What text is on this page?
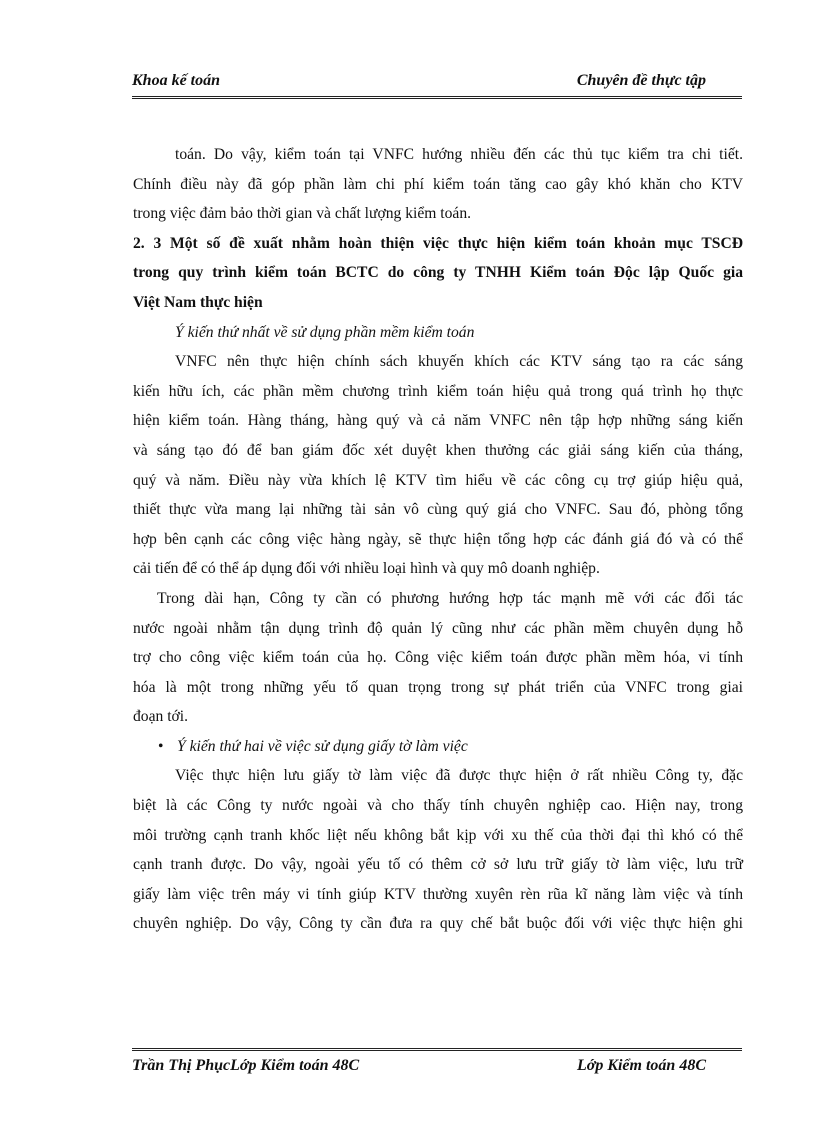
Khoa kế toán	Chuyên đề thực tập
toán. Do vậy, kiểm toán tại VNFC hướng nhiều đến các thủ tục kiểm tra chi tiết.
Chính điều này đã góp phần làm chi phí kiểm toán tăng cao gây khó khăn cho KTV
trong việc đảm bảo thời gian và chất lượng kiểm toán.
2. 3 Một số đề xuất nhằm hoàn thiện việc thực hiện kiểm toán khoản mục TSCĐ
trong quy trình kiểm toán BCTC do công ty TNHH Kiểm toán Độc lập Quốc gia
Việt Nam thực hiện
Ý kiến thứ nhất về sử dụng phần mềm kiểm toán
VNFC nên thực hiện chính sách khuyến khích các KTV sáng tạo ra các sáng
kiến hữu ích, các phần mềm chương trình kiểm toán hiệu quả trong quá trình họ thực
hiện kiểm toán. Hàng tháng, hàng quý và cả năm VNFC nên tập hợp những sáng kiến
và sáng tạo đó để ban giám đốc xét duyệt khen thưởng các giải sáng kiến của tháng,
quý và năm. Điều này vừa khích lệ KTV tìm hiểu về các công cụ trợ giúp hiệu quả,
thiết thực vừa mang lại những tài sản vô cùng quý giá cho VNFC. Sau đó, phòng tổng
hợp bên cạnh các công việc hàng ngày, sẽ thực hiện tổng hợp các đánh giá đó và có thể
cải tiến để có thể áp dụng đối với nhiều loại hình và quy mô doanh nghiệp.
Trong dài hạn, Công ty cần có phương hướng hợp tác mạnh mẽ với các đối tác
nước ngoài nhằm tận dụng trình độ quản lý cũng như các phần mềm chuyên dụng hỗ
trợ cho công việc kiểm toán của họ. Công việc kiểm toán được phần mềm hóa, vi tính
hóa là một trong những yếu tố quan trọng trong sự phát triển của VNFC trong giai
đoạn tới.
• Ý kiến thứ hai về việc sử dụng giấy tờ làm việc
Việc thực hiện lưu giấy tờ làm việc đã được thực hiện ở rất nhiều Công ty, đặc
biệt là các Công ty nước ngoài và cho thấy tính chuyên nghiệp cao. Hiện nay, trong
môi trường cạnh tranh khốc liệt nếu không bắt kịp với xu thế của thời đại thì khó có thể
cạnh tranh được. Do vậy, ngoài yếu tố có thêm cở sở lưu trữ giấy tờ làm việc, lưu trữ
giấy làm việc trên máy vi tính giúp KTV thường xuyên rèn rũa kĩ năng làm việc và tính
chuyên nghiệp. Do vậy, Công ty cần đưa ra quy chế bắt buộc đối với việc thực hiện ghi
Trần Thị PhụcLớp Kiểm toán 48C	Lớp Kiểm toán 48C
